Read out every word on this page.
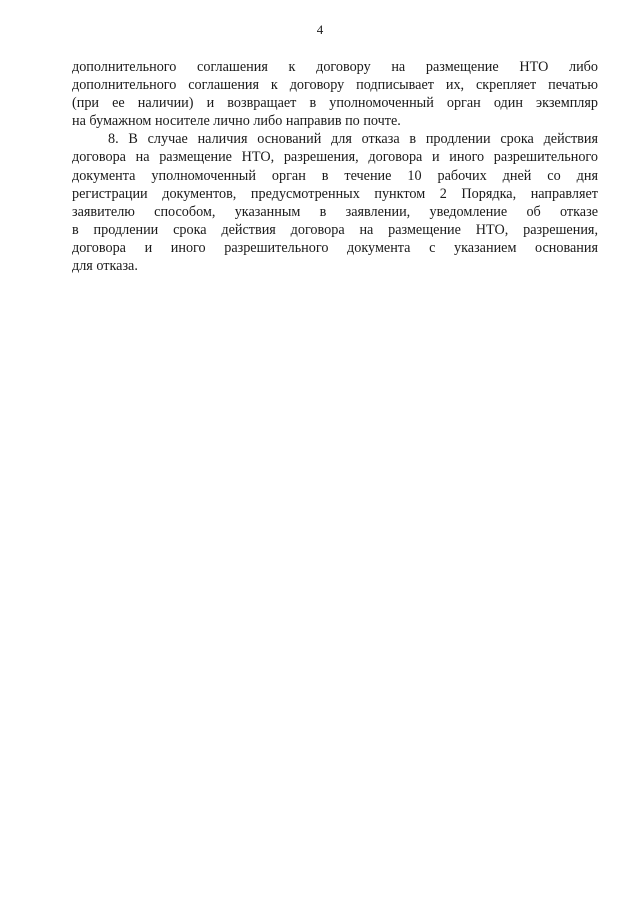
4
дополнительного соглашения к договору на размещение НТО либо
дополнительного соглашения к договору подписывает их, скрепляет печатью
(при ее наличии) и возвращает в уполномоченный орган один экземпляр
на бумажном носителе лично либо направив по почте.
8. В случае наличия оснований для отказа в продлении срока действия
договора на размещение НТО, разрешения, договора и иного разрешительного
документа уполномоченный орган в течение 10 рабочих дней со дня
регистрации документов, предусмотренных пунктом 2 Порядка, направляет
заявителю способом, указанным в заявлении, уведомление об отказе
в продлении срока действия договора на размещение НТО, разрешения,
договора и иного разрешительного документа с указанием основания
для отказа.
